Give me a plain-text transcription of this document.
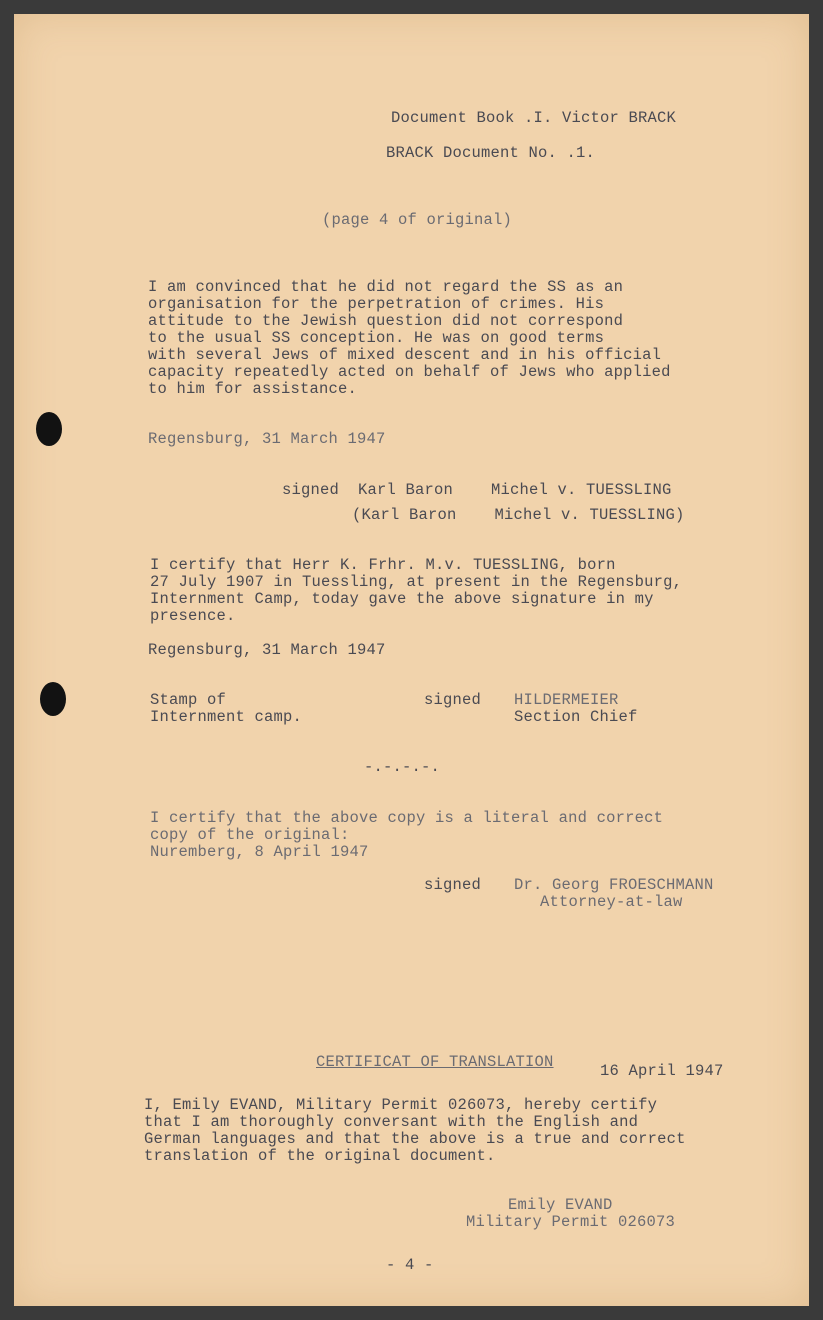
Document Book .I. Victor BRACK
BRACK Document No. .1.
(page 4 of original)
I am convinced that he did not regard the SS as an
organisation for the perpetration of crimes. His
attitude to the Jewish question did not correspond
to the usual SS conception. He was on good terms
with several Jews of mixed descent and in his official
capacity repeatedly acted on behalf of Jews who applied
to him for assistance.
Regensburg, 31 March 1947
signed  Karl Baron    Michel v. TUESSLING
(Karl Baron    Michel v. TUESSLING)
I certify that Herr K. Frhr. M.v. TUESSLING, born
27 July 1907 in Tuessling, at present in the Regensburg,
Internment Camp, today gave the above signature in my
presence.
Regensburg, 31 March 1947
Stamp of
Internment camp.
signed HILDERMEIER
Section Chief
-.-.-.-.
I certify that the above copy is a literal and correct
copy of the original:
Nuremberg, 8 April 1947
signed Dr. Georg FROESCHMANN
Attorney-at-law
CERTIFICAT OF TRANSLATION	16 April 1947
I, Emily EVAND, Military Permit 026073, hereby certify
that I am thoroughly conversant with the English and
German languages and that the above is a true and correct
translation of the original document.
Emily EVAND
Military Permit 026073
- 4 -
